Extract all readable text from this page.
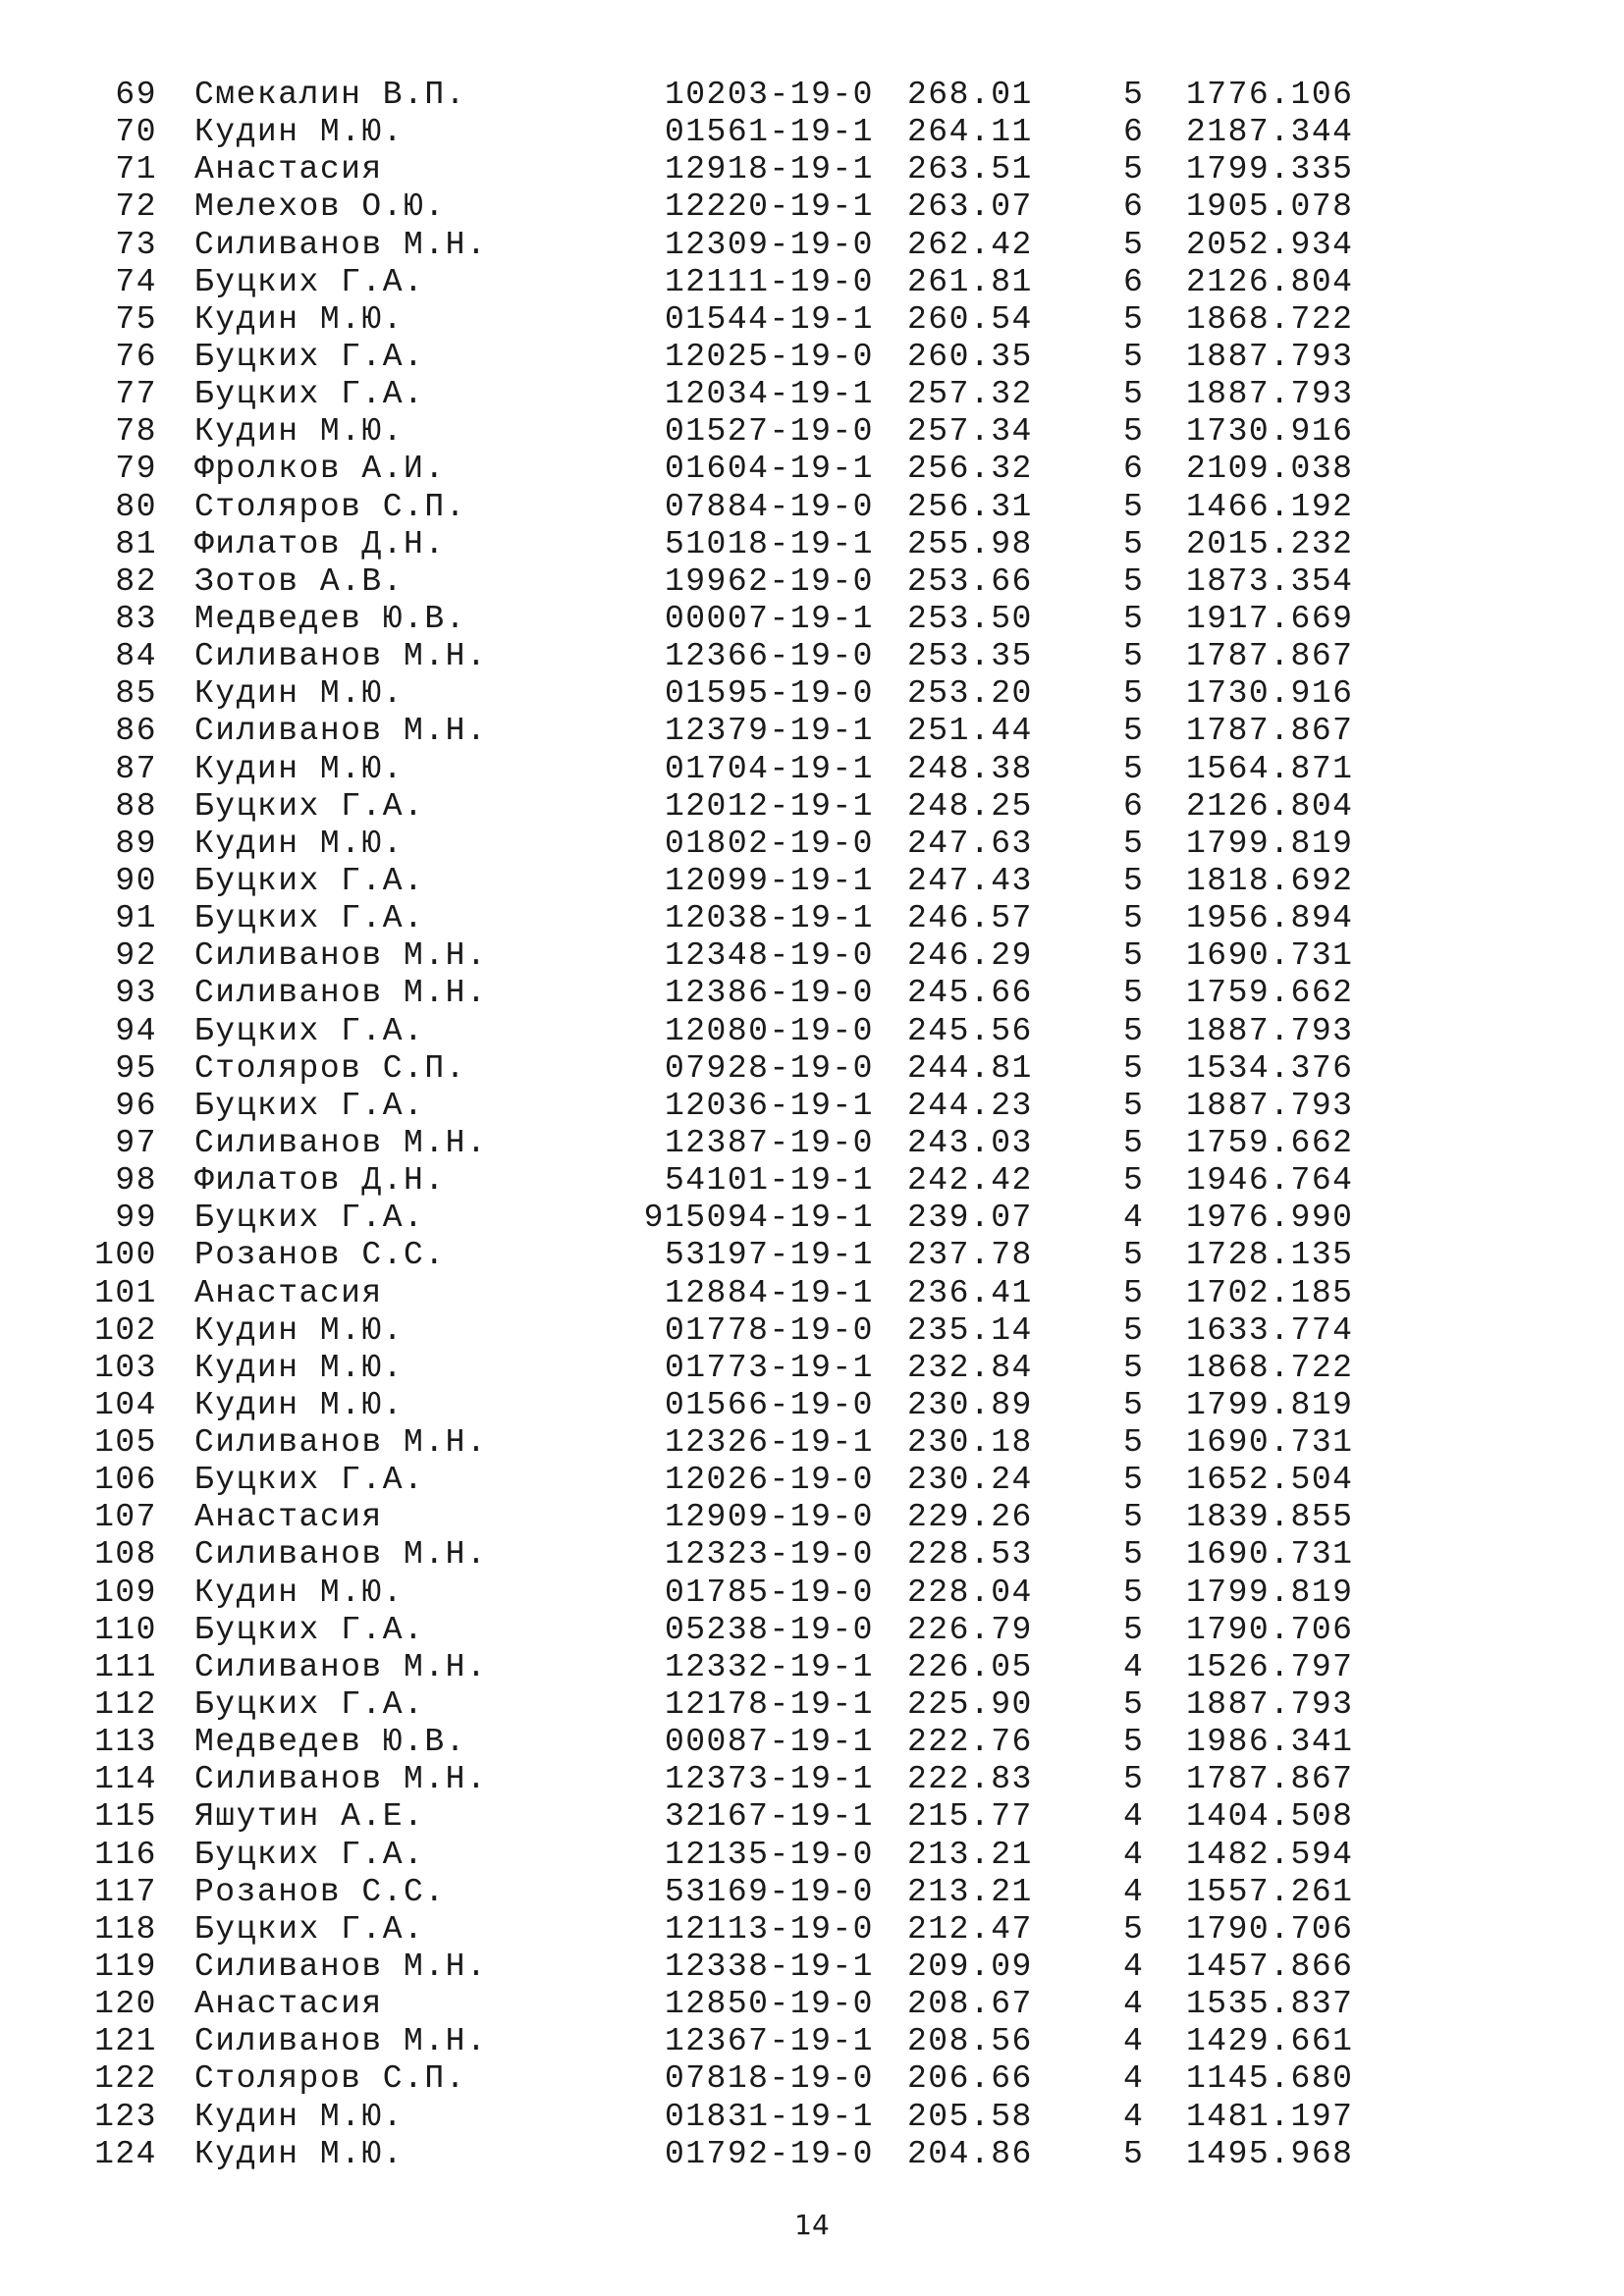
69 Смекалин В.П.	10203-19-0 268.01	5 1776.106
70 Кудин М.Ю.	01561-19-1 264.11	6 2187.344
71 Анастасия	12918-19-1 263.51	5 1799.335
72 Мелехов О.Ю.	12220-19-1 263.07	6 1905.078
73 Силиванов М.Н.	12309-19-0 262.42	5 2052.934
74 Буцких Г.А.	12111-19-0 261.81	6 2126.804
75 Кудин М.Ю.	01544-19-1 260.54	5 1868.722
76 Буцких Г.А.	12025-19-0 260.35	5 1887.793
77 Буцких Г.А.	12034-19-1 257.32	5 1887.793
78 Кудин М.Ю.	01527-19-0 257.34	5 1730.916
79 Фролков А.И.	01604-19-1 256.32	6 2109.038
80 Столяров С.П.	07884-19-0 256.31	5 1466.192
81 Филатов Д.Н.	51018-19-1 255.98	5 2015.232
82 Зотов А.В.	19962-19-0 253.66	5 1873.354
83 Медведев Ю.В.	00007-19-1 253.50	5 1917.669
84 Силиванов М.Н.	12366-19-0 253.35	5 1787.867
85 Кудин М.Ю.	01595-19-0 253.20	5 1730.916
86 Силиванов М.Н.	12379-19-1 251.44	5 1787.867
87 Кудин М.Ю.	01704-19-1 248.38	5 1564.871
88 Буцких Г.А.	12012-19-1 248.25	6 2126.804
89 Кудин М.Ю.	01802-19-0 247.63	5 1799.819
90 Буцких Г.А.	12099-19-1 247.43	5 1818.692
91 Буцких Г.А.	12038-19-1 246.57	5 1956.894
92 Силиванов М.Н.	12348-19-0 246.29	5 1690.731
93 Силиванов М.Н.	12386-19-0 245.66	5 1759.662
94 Буцких Г.А.	12080-19-0 245.56	5 1887.793
95 Столяров С.П.	07928-19-0 244.81	5 1534.376
96 Буцких Г.А.	12036-19-1 244.23	5 1887.793
97 Силиванов М.Н.	12387-19-0 243.03	5 1759.662
98 Филатов Д.Н.	54101-19-1 242.42	5 1946.764
99 Буцких Г.А.	915094-19-1 239.07	4 1976.990
100 Розанов С.С.	53197-19-1 237.78	5 1728.135
101 Анастасия	12884-19-1 236.41	5 1702.185
102 Кудин М.Ю.	01778-19-0 235.14	5 1633.774
103 Кудин М.Ю.	01773-19-1 232.84	5 1868.722
104 Кудин М.Ю.	01566-19-0 230.89	5 1799.819
105 Силиванов М.Н.	12326-19-1 230.18	5 1690.731
106 Буцких Г.А.	12026-19-0 230.24	5 1652.504
107 Анастасия	12909-19-0 229.26	5 1839.855
108 Силиванов М.Н.	12323-19-0 228.53	5 1690.731
109 Кудин М.Ю.	01785-19-0 228.04	5 1799.819
110 Буцких Г.А.	05238-19-0 226.79	5 1790.706
111 Силиванов М.Н.	12332-19-1 226.05	4 1526.797
112 Буцких Г.А.	12178-19-1 225.90	5 1887.793
113 Медведев Ю.В.	00087-19-1 222.76	5 1986.341
114 Силиванов М.Н.	12373-19-1 222.83	5 1787.867
115 Яшутин А.Е.	32167-19-1 215.77	4 1404.508
116 Буцких Г.А.	12135-19-0 213.21	4 1482.594
117 Розанов С.С.	53169-19-0 213.21	4 1557.261
118 Буцких Г.А.	12113-19-0 212.47	5 1790.706
119 Силиванов М.Н.	12338-19-1 209.09	4 1457.866
120 Анастасия	12850-19-0 208.67	4 1535.837
121 Силиванов М.Н.	12367-19-1 208.56	4 1429.661
122 Столяров С.П.	07818-19-0 206.66	4 1145.680
123 Кудин М.Ю.	01831-19-1 205.58	4 1481.197
124 Кудин М.Ю.	01792-19-0 204.86	5 1495.968
14
